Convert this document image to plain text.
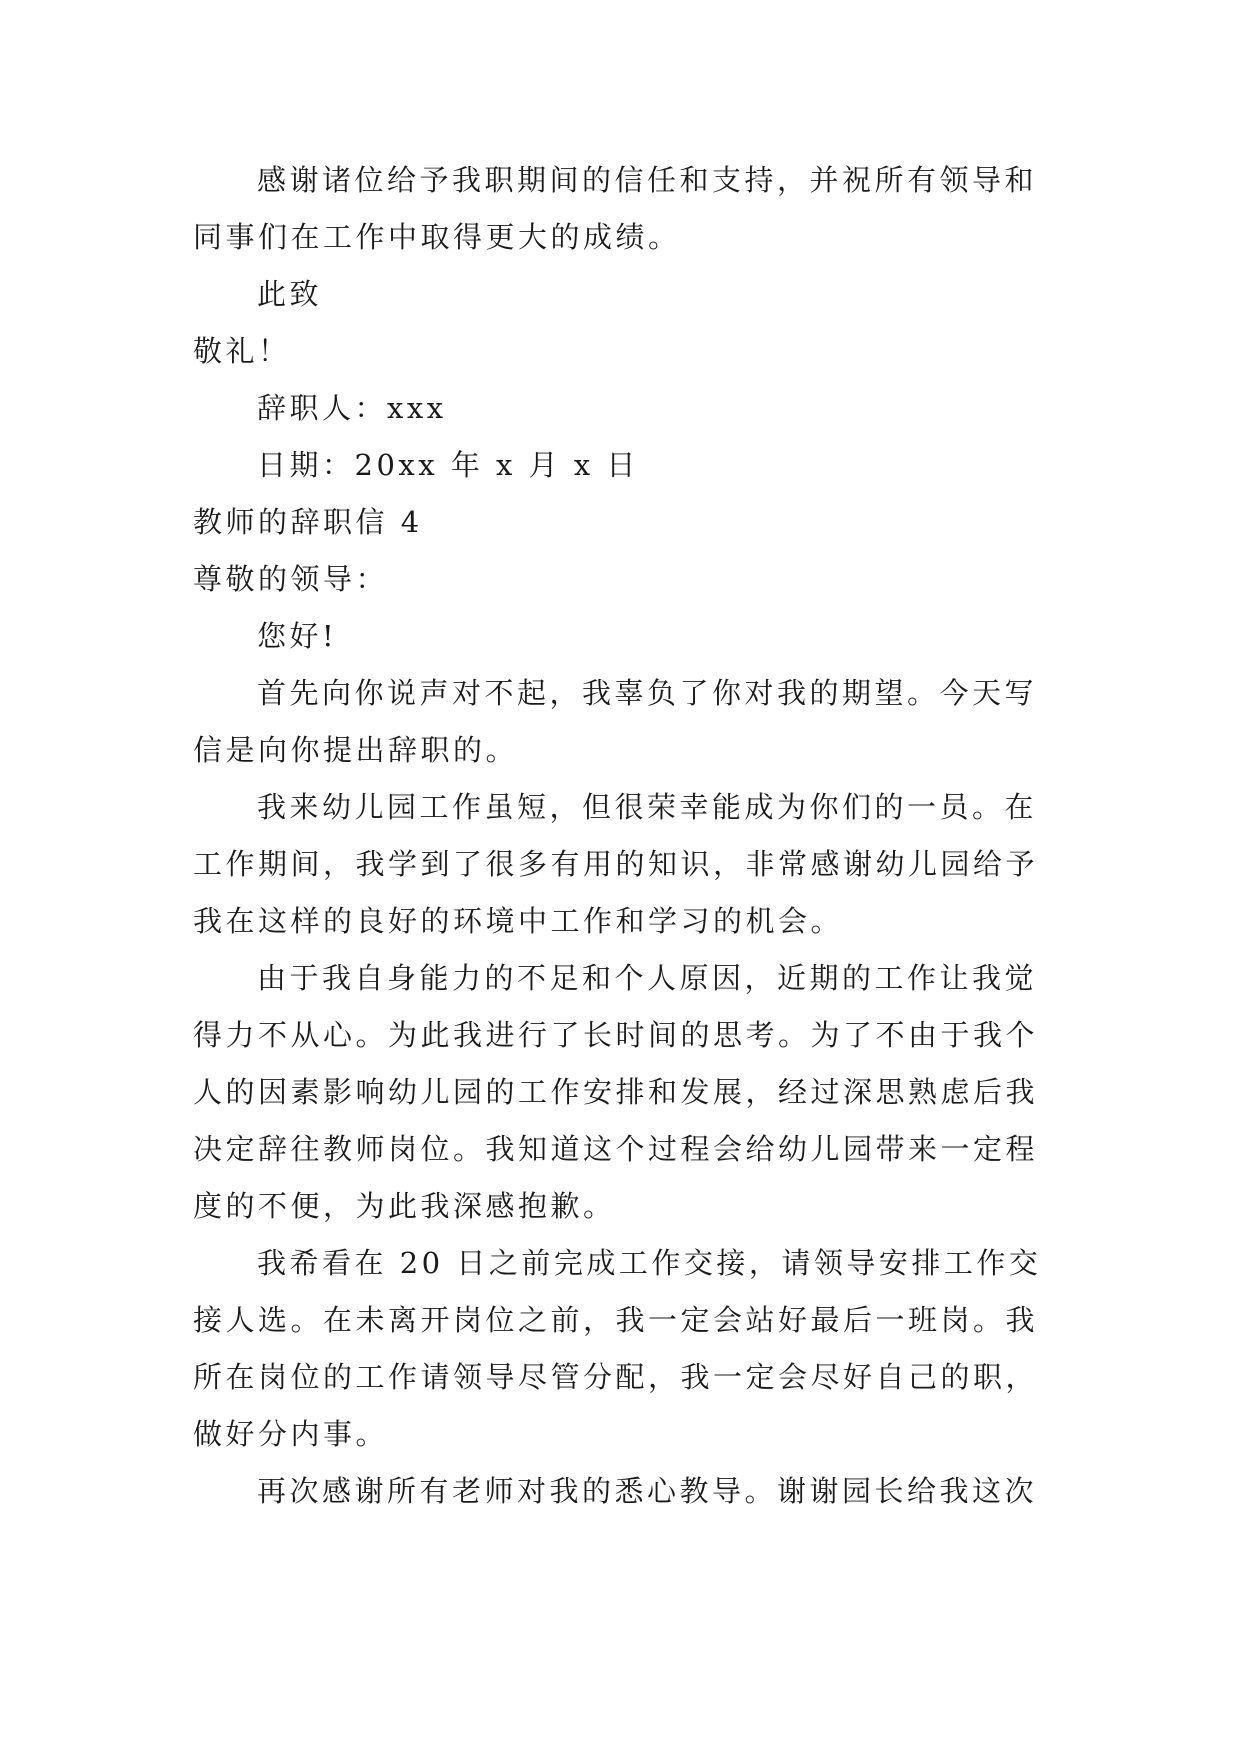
感谢诸位给予我职期间的信任和支持，并祝所有领导和

同事们在工作中取得更大的成绩。

此致

敬礼！

辞职人：xxx

日期：20xx 年 x 月 x 日

教师的辞职信 4

尊敬的领导：

您好!

首先向你说声对不起，我辜负了你对我的期望。今天写

信是向你提出辞职的。

我来幼儿园工作虽短，但很荣幸能成为你们的一员。在

工作期间，我学到了很多有用的知识，非常感谢幼儿园给予

我在这样的良好的环境中工作和学习的机会。

由于我自身能力的不足和个人原因，近期的工作让我觉

得力不从心。为此我进行了长时间的思考。为了不由于我个

人的因素影响幼儿园的工作安排和发展，经过深思熟虑后我

决定辞往教师岗位。我知道这个过程会给幼儿园带来一定程

度的不便，为此我深感抱歉。

我希看在 20 日之前完成工作交接，请领导安排工作交

接人选。在未离开岗位之前，我一定会站好最后一班岗。我

所在岗位的工作请领导尽管分配，我一定会尽好自己的职，

做好分内事。

再次感谢所有老师对我的悉心教导。谢谢园长给我这次
